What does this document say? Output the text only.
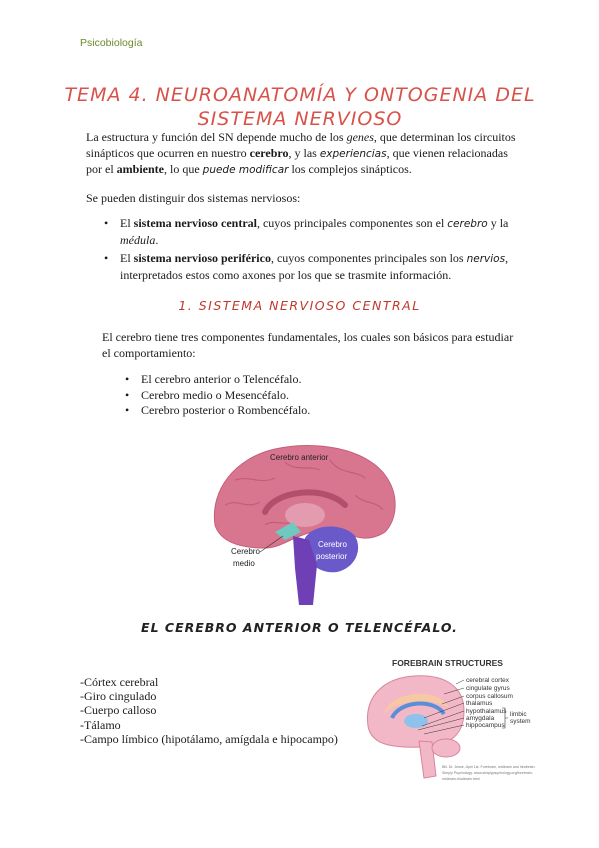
Psicobiología
TEMA 4. NEUROANATOMÍA Y ONTOGENIA DEL
SISTEMA NERVIOSO

La estructura y función del SN depende mucho de los genes, que determinan los circuitos sinápticos que ocurren en nuestro cerebro, y las experiencias, que vienen relacionadas por el ambiente, lo que puede modificar los complejos sinápticos.

Se pueden distinguir dos sistemas nerviosos:

• El sistema nervioso central, cuyos principales componentes son el cerebro y la médula.
• El sistema nervioso periférico, cuyos componentes principales son los nervios, interpretados estos como axones por los que se trasmite información.
1. SISTEMA NERVIOSO CENTRAL

El cerebro tiene tres componentes fundamentales, los cuales son básicos para estudiar el comportamiento:

• El cerebro anterior o Telencéfalo.
• Cerebro medio o Mesencéfalo.
• Cerebro posterior o Rombencéfalo.
Cerebro anterior
Cerebro
medio
Cerebro
posterior
EL CEREBRO ANTERIOR O TELENCÉFALO.
-Córtex cerebral
-Giro cingulado
-Cuerpo calloso
-Tálamo
-Campo límbico (hipotálamo, amígdala e hipocampo)
FOREBRAIN STRUCTURES
cerebral cortex
cingulate gyrus
corpus callosum
thalamus
hypothalamus
amygdala
hippocampus
limbic
system
Bill. Dr. Jesse, April 1st. Forebrain, midbrain and hindbrain.
Simply Psychology. www.simplypsychology.org/forebrain-
midbrain-hindbrain.html
